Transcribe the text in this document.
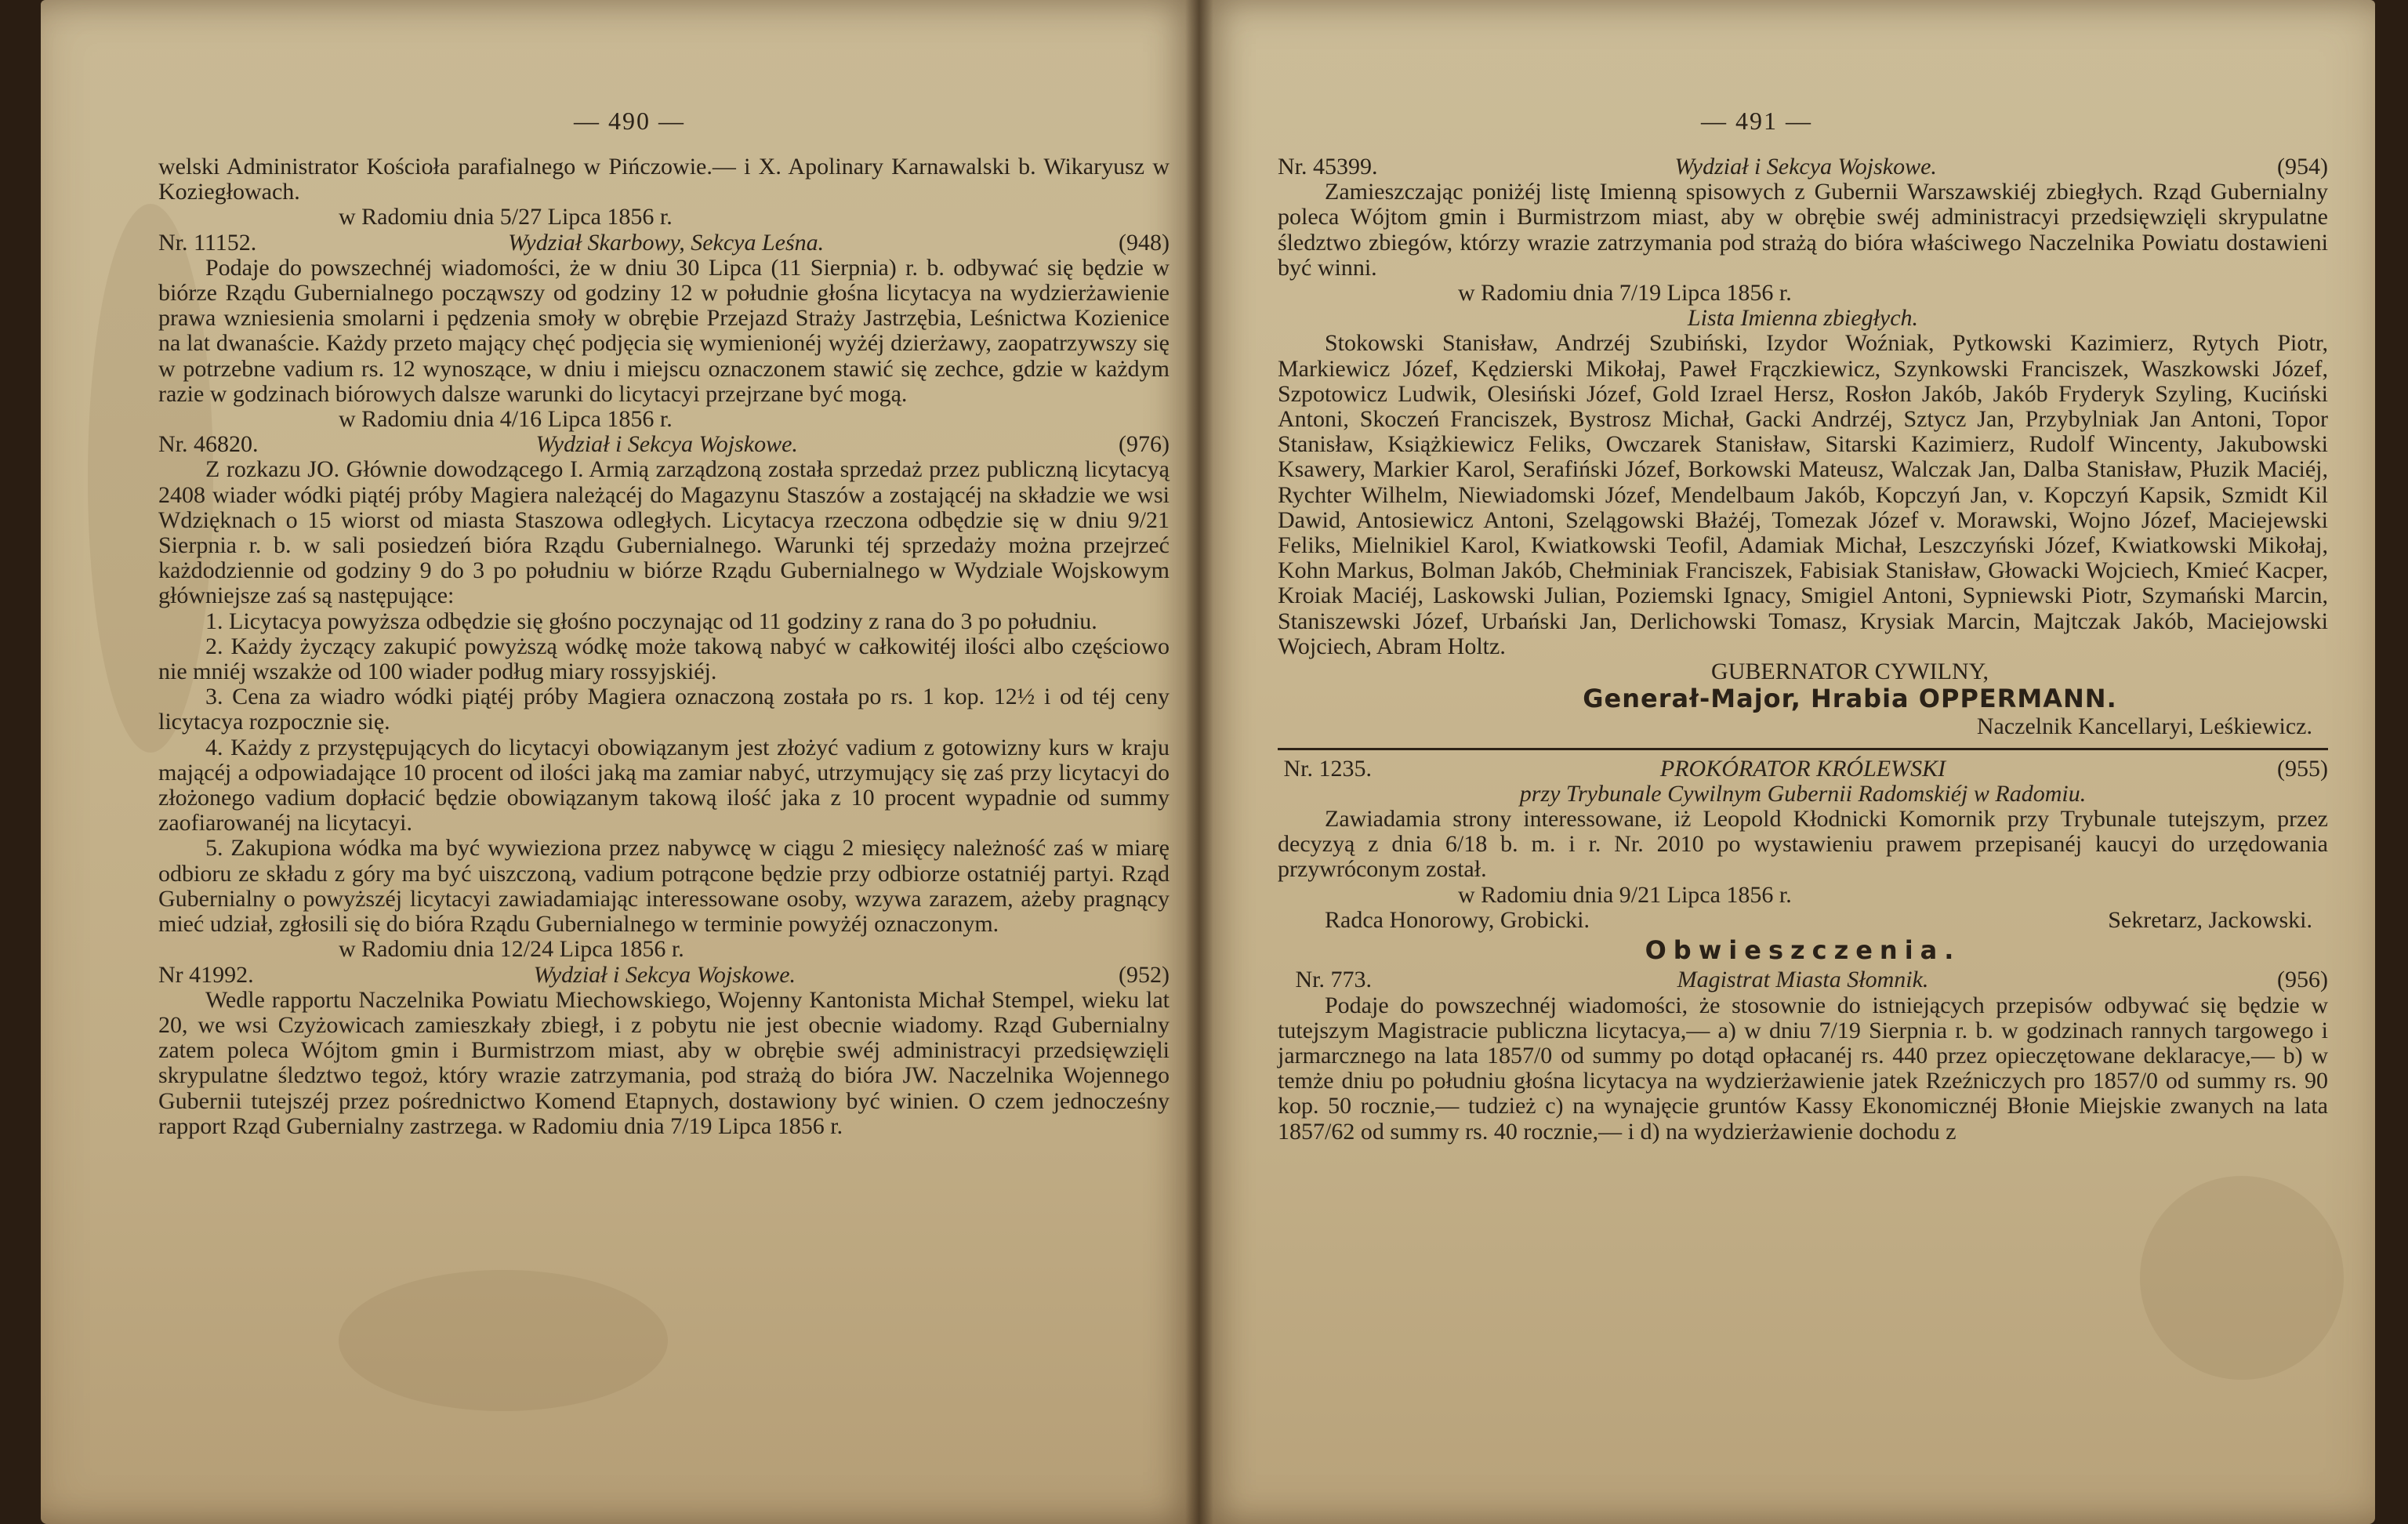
— 490 —
welski Administrator Kościoła parafialnego w Pińczowie.— i X. Apolinary Karnawalski b. Wikaryusz w Koziegłowach.
w Radomiu dnia 5/27 Lipca 1856 r.
Nr. 11152.	Wydział Skarbowy, Sekcya Leśna.	(948)
Podaje do powszechnéj wiadomości, że w dniu 30 Lipca (11 Sierpnia) r. b. odbywać się będzie w biórze Rządu Gubernialnego począwszy od godziny 12 w południe głośna licytacya na wydzierżawienie prawa wzniesienia smolarni i pędzenia smoły w obrębie Przejazd Straży Jastrzębia, Leśnictwa Kozienice na lat dwanaście. Każdy przeto mający chęć podjęcia się wymienionéj wyżéj dzierżawy, zaopatrzywszy się w potrzebne vadium rs. 12 wynoszące, w dniu i miejscu oznaczonem stawić się zechce, gdzie w każdym razie w godzinach biórowych dalsze warunki do licytacyi przejrzane być mogą.
w Radomiu dnia 4/16 Lipca 1856 r.
Nr. 46820.	Wydział i Sekcya Wojskowe.	(976)
Z rozkazu JO. Głównie dowodzącego I. Armią zarządzoną została sprzedaż przez publiczną licytacyą 2408 wiader wódki piątéj próby Magiera należącéj do Magazynu Staszów a zostającéj na składzie we wsi Wdzięknach o 15 wiorst od miasta Staszowa odległych. Licytacya rzeczona odbędzie się w dniu 9/21 Sierpnia r. b. w sali posiedzeń bióra Rządu Gubernialnego. Warunki téj sprzedaży można przejrzeć każdodziennie od godziny 9 do 3 po południu w biórze Rządu Gubernialnego w Wydziale Wojskowym główniejsze zaś są następujące:
1. Licytacya powyższa odbędzie się głośno poczynając od 11 godziny z rana do 3 po południu.
2. Każdy życzący zakupić powyższą wódkę może takową nabyć w całkowitéj ilości albo częściowo nie mniéj wszakże od 100 wiader podług miary rossyjskiéj.
3. Cena za wiadro wódki piątéj próby Magiera oznaczoną została po rs. 1 kop. 12½ i od téj ceny licytacya rozpocznie się.
4. Każdy z przystępujących do licytacyi obowiązanym jest złożyć vadium z gotowizny kurs w kraju mającéj a odpowiadające 10 procent od ilości jaką ma zamiar nabyć, utrzymujący się zaś przy licytacyi do złożonego vadium dopłacić będzie obowiązanym takową ilość jaka z 10 procent wypadnie od summy zaofiarowanéj na licytacyi.
5. Zakupiona wódka ma być wywieziona przez nabywcę w ciągu 2 miesięcy należność zaś w miarę odbioru ze składu z góry ma być uiszczoną, vadium potrącone będzie przy odbiorze ostatniéj partyi. Rząd Gubernialny o powyższéj licytacyi zawiadamiając interessowane osoby, wzywa zarazem, ażeby pragnący mieć udział, zgłosili się do bióra Rządu Gubernialnego w terminie powyżéj oznaczonym.
w Radomiu dnia 12/24 Lipca 1856 r.
Nr 41992.	Wydział i Sekcya Wojskowe.	(952)
Wedle rapportu Naczelnika Powiatu Miechowskiego, Wojenny Kantonista Michał Stempel, wieku lat 20, we wsi Czyżowicach zamieszkały zbiegł, i z pobytu nie jest obecnie wiadomy. Rząd Gubernialny zatem poleca Wójtom gmin i Burmistrzom miast, aby w obrębie swéj administracyi przedsięwzięli skrypulatne śledztwo tegoż, który wrazie zatrzymania, pod strażą do bióra JW. Naczelnika Wojennego Gubernii tutejszéj przez pośrednictwo Komend Etapnych, dostawiony być winien. O czem jednocześny rapport Rząd Gubernialny zastrzega. w Radomiu dnia 7/19 Lipca 1856 r.
— 491 —
Nr. 45399.	Wydział i Sekcya Wojskowe.	(954)
Zamieszczając poniżéj listę Imienną spisowych z Gubernii Warszawskiéj zbiegłych. Rząd Gubernialny poleca Wójtom gmin i Burmistrzom miast, aby w obrębie swéj administracyi przedsięwzięli skrypulatne śledztwo zbiegów, którzy wrazie zatrzymania pod strażą do bióra właściwego Naczelnika Powiatu dostawieni być winni.
w Radomiu dnia 7/19 Lipca 1856 r.
Lista Imienna zbiegłych.
Stokowski Stanisław, Andrzéj Szubiński, Izydor Woźniak, Pytkowski Kazimierz, Rytych Piotr, Markiewicz Józef, Kędzierski Mikołaj, Paweł Frączkiewicz, Szynkowski Franciszek, Waszkowski Józef, Szpotowicz Ludwik, Olesiński Józef, Gold Izrael Hersz, Rosłon Jakób, Jakób Fryderyk Szyling, Kuciński Antoni, Skoczeń Franciszek, Bystrosz Michał, Gacki Andrzéj, Sztycz Jan, Przybylniak Jan Antoni, Topor Stanisław, Książkiewicz Feliks, Owczarek Stanisław, Sitarski Kazimierz, Rudolf Wincenty, Jakubowski Ksawery, Markier Karol, Serafiński Józef, Borkowski Mateusz, Walczak Jan, Dalba Stanisław, Płuzik Maciéj, Rychter Wilhelm, Niewiadomski Józef, Mendelbaum Jakób, Kopczyń Jan, v. Kopczyń Kapsik, Szmidt Kil Dawid, Antosiewicz Antoni, Szelągowski Błażéj, Tomezak Józef v. Morawski, Wojno Józef, Maciejewski Feliks, Mielnikiel Karol, Kwiatkowski Teofil, Adamiak Michał, Leszczyński Józef, Kwiatkowski Mikołaj, Kohn Markus, Bolman Jakób, Chełminiak Franciszek, Fabisiak Stanisław, Głowacki Wojciech, Kmieć Kacper, Kroiak Maciéj, Laskowski Julian, Poziemski Ignacy, Smigiel Antoni, Sypniewski Piotr, Szymański Marcin, Staniszewski Józef, Urbański Jan, Derlichowski Tomasz, Krysiak Marcin, Majtczak Jakób, Maciejowski Wojciech, Abram Holtz.
GUBERNATOR CYWILNY,
Generał-Major, Hrabia OPPERMANN.
Naczelnik Kancellaryi, Leśkiewicz.
Nr. 1235.	PROKÓRATOR KRÓLEWSKI	(955)
przy Trybunale Cywilnym Gubernii Radomskiéj w Radomiu.
Zawiadamia strony interessowane, iż Leopold Kłodnicki Komornik przy Trybunale tutejszym, przez decyzyą z dnia 6/18 b. m. i r. Nr. 2010 po wystawieniu prawem przepisanéj kaucyi do urzędowania przywróconym został.
w Radomiu dnia 9/21 Lipca 1856 r.
Radca Honorowy, Grobicki.	Sekretarz, Jackowski.
Obwieszczenia.
Nr. 773.	Magistrat Miasta Słomnik.	(956)
Podaje do powszechnéj wiadomości, że stosownie do istniejących przepisów odbywać się będzie w tutejszym Magistracie publiczna licytacya,— a) w dniu 7/19 Sierpnia r. b. w godzinach rannych targowego i jarmarcznego na lata 1857/0 od summy po dotąd opłacanéj rs. 440 przez opieczętowane deklaracye,— b) w temże dniu po południu głośna licytacya na wydzierżawienie jatek Rzeźniczych pro 1857/0 od summy rs. 90 kop. 50 rocznie,— tudzież c) na wynajęcie gruntów Kassy Ekonomicznéj Błonie Miejskie zwanych na lata 1857/62 od summy rs. 40 rocznie,— i d) na wydzierżawienie dochodu z
